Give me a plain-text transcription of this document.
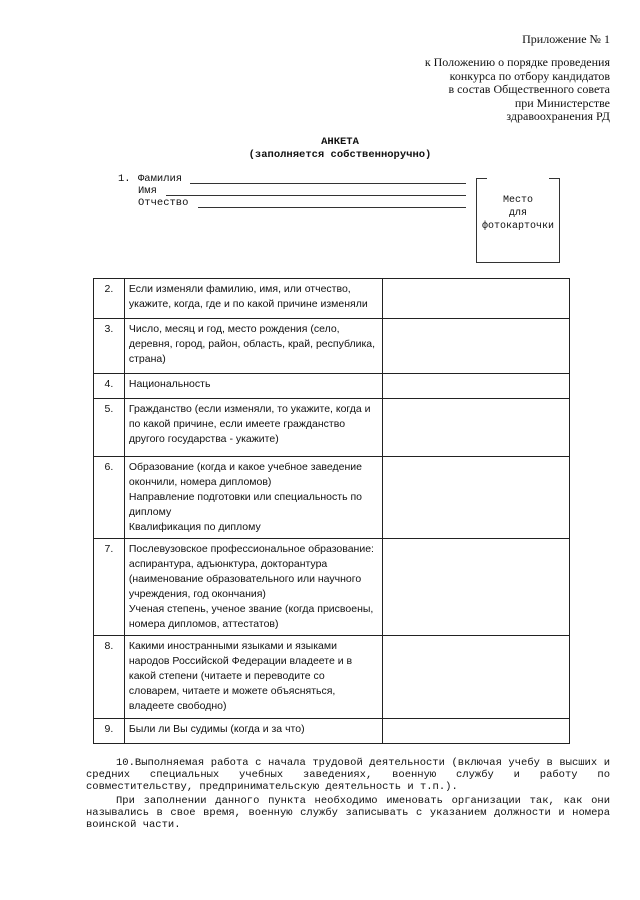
Приложение № 1
к Положению о порядке проведения
конкурса по отбору кандидатов
в состав Общественного совета
при Министерстве
здравоохранения РД
АНКЕТА
(заполняется собственноручно)
1. Фамилия
Имя
Отчество	Место
для
фотокарточки
2.	Если изменяли фамилию, имя, или отчество, укажите, когда, где и по какой причине изменяли	

3.	Число, месяц и год, место рождения (село, деревня, город, район, область, край, республика, страна)	

4.	Национальность	

5.	Гражданство (если изменяли, то укажите, когда и по какой причине, если имеете гражданство другого государства - укажите)	

6.	Образование (когда и какое учебное заведение окончили, номера дипломов)
Направление подготовки или специальность по диплому
Квалификация по диплому	

7.	Послевузовское профессиональное образование: аспирантура, адъюнктура, докторантура (наименование образовательного или научного учреждения, год окончания)
Ученая степень, ученое звание (когда присвоены, номера дипломов, аттестатов)	

8.	Какими иностранными языками и языками народов Российской Федерации владеете и в какой степени (читаете и переводите со словарем, читаете и можете объясняться, владеете свободно)	

9.	Были ли Вы судимы (когда и за что)	

10.Выполняемая работа с начала трудовой деятельности (включая учебу в высших и средних специальных учебных заведениях, военную службу и работу по совместительству, предпринимательскую деятельность и т.п.).
При заполнении данного пункта необходимо именовать организации так, как они назывались в свое время, военную службу записывать с указанием должности и номера воинской части.
